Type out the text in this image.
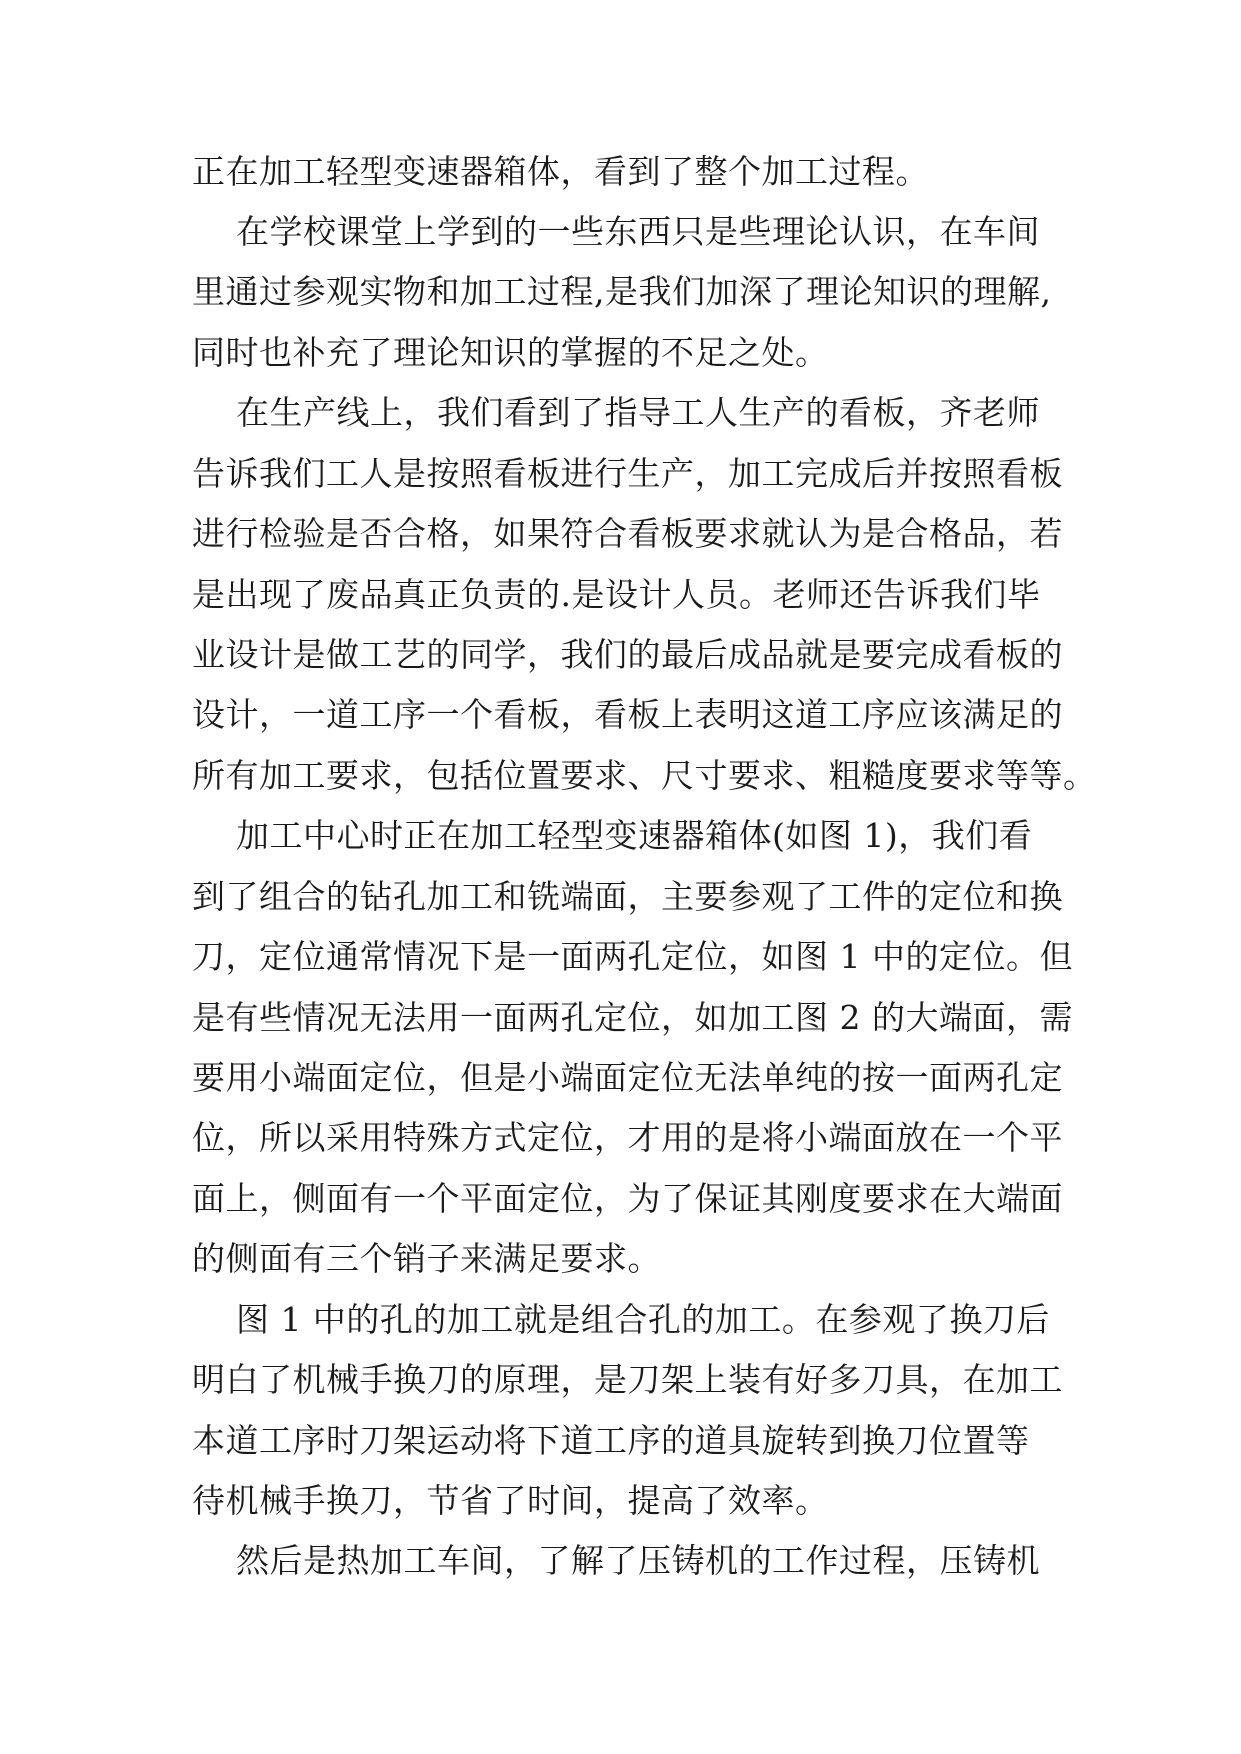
正在加工轻型变速器箱体，看到了整个加工过程。

在学校课堂上学到的一些东西只是些理论认识，在车间

里通过参观实物和加工过程,是我们加深了理论知识的理解,

同时也补充了理论知识的掌握的不足之处。

在生产线上，我们看到了指导工人生产的看板，齐老师

告诉我们工人是按照看板进行生产，加工完成后并按照看板

进行检验是否合格，如果符合看板要求就认为是合格品，若

是出现了废品真正负责的.是设计人员。老师还告诉我们毕

业设计是做工艺的同学，我们的最后成品就是要完成看板的

设计，一道工序一个看板，看板上表明这道工序应该满足的

所有加工要求，包括位置要求、尺寸要求、粗糙度要求等等。

加工中心时正在加工轻型变速器箱体(如图 1)，我们看

到了组合的钻孔加工和铣端面，主要参观了工件的定位和换

刀，定位通常情况下是一面两孔定位，如图 1 中的定位。但

是有些情况无法用一面两孔定位，如加工图 2 的大端面，需

要用小端面定位，但是小端面定位无法单纯的按一面两孔定

位，所以采用特殊方式定位，才用的是将小端面放在一个平

面上，侧面有一个平面定位，为了保证其刚度要求在大端面

的侧面有三个销子来满足要求。

图 1 中的孔的加工就是组合孔的加工。在参观了换刀后

明白了机械手换刀的原理，是刀架上装有好多刀具，在加工

本道工序时刀架运动将下道工序的道具旋转到换刀位置等

待机械手换刀，节省了时间，提高了效率。

然后是热加工车间，了解了压铸机的工作过程，压铸机
